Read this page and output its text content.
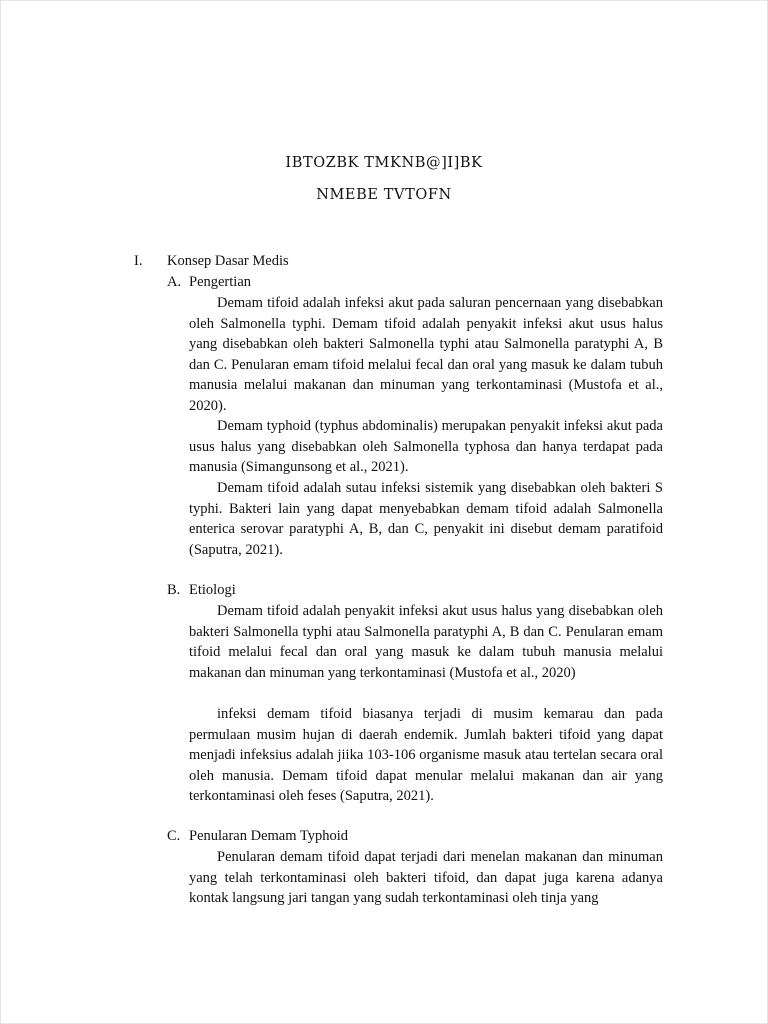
IBTOZBK TMKNB@]I]BK
NMEBE TVTOFN
I. Konsep Dasar Medis
A. Pengertian

Demam tifoid adalah infeksi akut pada saluran pencernaan yang disebabkan oleh Salmonella typhi. Demam tifoid adalah penyakit infeksi akut usus halus yang disebabkan oleh bakteri Salmonella typhi atau Salmonella paratyphi A, B dan C. Penularan emam tifoid melalui fecal dan oral yang masuk ke dalam tubuh manusia melalui makanan dan minuman yang terkontaminasi (Mustofa et al., 2020).

Demam typhoid (typhus abdominalis) merupakan penyakit infeksi akut pada usus halus yang disebabkan oleh Salmonella typhosa dan hanya terdapat pada manusia (Simangunsong et al., 2021).

Demam tifoid adalah sutau infeksi sistemik yang disebabkan oleh bakteri S typhi. Bakteri lain yang dapat menyebabkan demam tifoid adalah Salmonella enterica serovar paratyphi A, B, dan C, penyakit ini disebut demam paratifoid (Saputra, 2021).

B. Etiologi

Demam tifoid adalah penyakit infeksi akut usus halus yang disebabkan oleh bakteri Salmonella typhi atau Salmonella paratyphi A, B dan C. Penularan emam tifoid melalui fecal dan oral yang masuk ke dalam tubuh manusia melalui makanan dan minuman yang terkontaminasi (Mustofa et al., 2020)

infeksi demam tifoid biasanya terjadi di musim kemarau dan pada permulaan musim hujan di daerah endemik. Jumlah bakteri tifoid yang dapat menjadi infeksius adalah jiika 103-106 organisme masuk atau tertelan secara oral oleh manusia. Demam tifoid dapat menular melalui makanan dan air yang terkontaminasi oleh feses (Saputra, 2021).

C. Penularan Demam Typhoid

Penularan demam tifoid dapat terjadi dari menelan makanan dan minuman yang telah terkontaminasi oleh bakteri tifoid, dan dapat juga karena adanya kontak langsung jari tangan yang sudah terkontaminasi oleh tinja yang
